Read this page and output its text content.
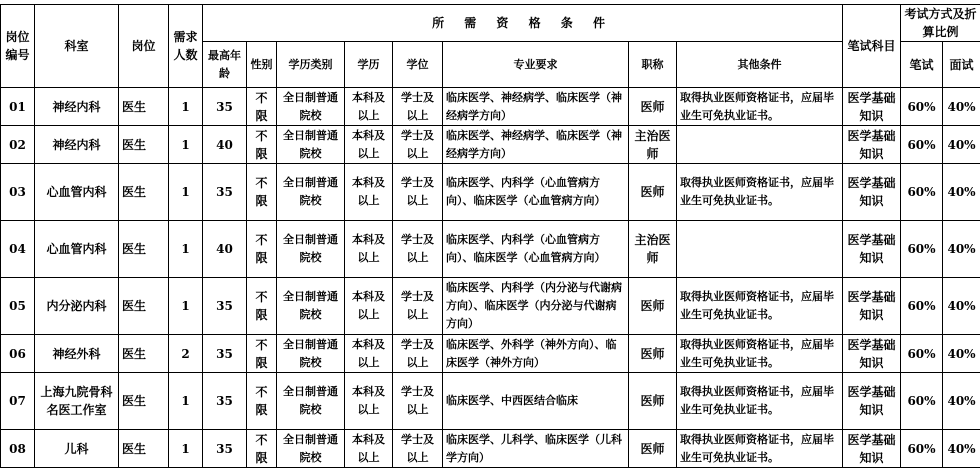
岗位编号	科室	岗位	需求人数	所 需 资 格 条 件								笔试科目	考试方式及折算比例	
				最高年龄	性别	学历类别	学历	学位	专业要求	职称	其他条件		笔试	面试
01	神经内科	医生	1	35	不限	全日制普通院校	本科及以上	学士及以上	临床医学、神经病学、临床医学（神经病学方向）	医师	取得执业医师资格证书，应届毕业生可免执业证书。	医学基础知识	60%	40%
02	神经内科	医生	1	40	不限	全日制普通院校	本科及以上	学士及以上	临床医学、神经病学、临床医学（神经病学方向）	主治医师		医学基础知识	60%	40%
03	心血管内科	医生	1	35	不限	全日制普通院校	本科及以上	学士及以上	临床医学、内科学（心血管病方向）、临床医学（心血管病方向）	医师	取得执业医师资格证书，应届毕业生可免执业证书。	医学基础知识	60%	40%
04	心血管内科	医生	1	40	不限	全日制普通院校	本科及以上	学士及以上	临床医学、内科学（心血管病方向）、临床医学（心血管病方向）	主治医师		医学基础知识	60%	40%
05	内分泌内科	医生	1	35	不限	全日制普通院校	本科及以上	学士及以上	临床医学、内科学（内分泌与代谢病方向）、临床医学（内分泌与代谢病方向）	医师	取得执业医师资格证书，应届毕业生可免执业证书。	医学基础知识	60%	40%
06	神经外科	医生	2	35	不限	全日制普通院校	本科及以上	学士及以上	临床医学、外科学（神外方向）、临床医学（神外方向）	医师	取得执业医师资格证书，应届毕业生可免执业证书。	医学基础知识	60%	40%
07	上海九院骨科名医工作室	医生	1	35	不限	全日制普通院校	本科及以上	学士及以上	临床医学、中西医结合临床	医师	取得执业医师资格证书，应届毕业生可免执业证书。	医学基础知识	60%	40%
08	儿科	医生	1	35	不限	全日制普通院校	本科及以上	学士及以上	临床医学、儿科学、临床医学（儿科学方向）	医师	取得执业医师资格证书，应届毕业生可免执业证书。	医学基础知识	60%	40%
